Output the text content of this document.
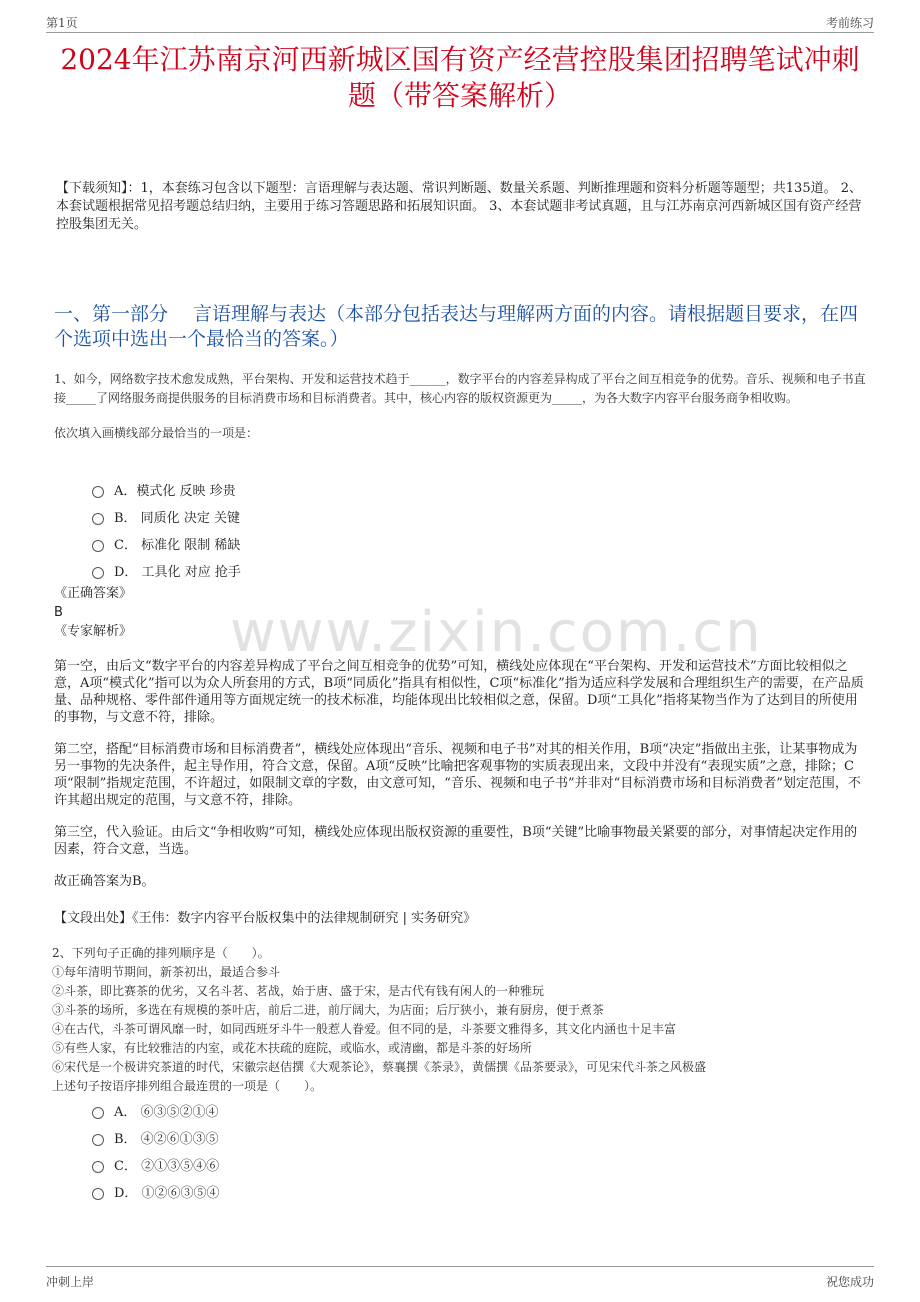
第1页	考前练习
www.zixin.com.cn
2024年江苏南京河西新城区国有资产经营控股集团招聘笔试冲刺题（带答案解析）
【下载须知】：1，本套练习包含以下题型：言语理解与表达题、常识判断题、数量关系题、判断推理题和资料分析题等题型；共135道。 2、本套试题根据常见招考题总结归纳，主要用于练习答题思路和拓展知识面。 3、本套试题非考试真题，且与江苏南京河西新城区国有资产经营控股集团无关。
一、第一部分　 言语理解与表达（本部分包括表达与理解两方面的内容。请根据题目要求，在四个选项中选出一个最恰当的答案。）
1、如今，网络数字技术愈发成熟，平台架构、开发和运营技术趋于______，数字平台的内容差异构成了平台之间互相竞争的优势。音乐、视频和电子书直接_____了网络服务商提供服务的目标消费市场和目标消费者。其中，核心内容的版权资源更为_____，为各大数字内容平台服务商争相收购。
依次填入画横线部分最恰当的一项是：
A．模式化 反映 珍贵
B． 同质化 决定 关键
C． 标准化 限制 稀缺
D． 工具化 对应 抢手
《正确答案》
B
《专家解析》

第一空，由后文“数字平台的内容差异构成了平台之间互相竞争的优势”可知，横线处应体现在“平台架构、开发和运营技术”方面比较相似之意，A项“模式化”指可以为众人所套用的方式，B项“同质化”指具有相似性，C项“标准化”指为适应科学发展和合理组织生产的需要，在产品质量、品种规格、零件部件通用等方面规定统一的技术标准，均能体现出比较相似之意，保留。D项“工具化”指将某物当作为了达到目的所使用的事物，与文意不符，排除。

第二空，搭配“目标消费市场和目标消费者”，横线处应体现出“音乐、视频和电子书”对其的相关作用，B项“决定”指做出主张，让某事物成为另一事物的先决条件，起主导作用，符合文意，保留。A项“反映”比喻把客观事物的实质表现出来，文段中并没有“表现实质”之意，排除；C项“限制”指规定范围，不许超过，如限制文章的字数，由文意可知，“音乐、视频和电子书”并非对“目标消费市场和目标消费者”划定范围，不许其超出规定的范围，与文意不符，排除。

第三空，代入验证。由后文“争相收购”可知，横线处应体现出版权资源的重要性，B项“关键”比喻事物最关紧要的部分，对事情起决定作用的因素，符合文意，当选。

故正确答案为B。

【文段出处】《王伟：数字内容平台版权集中的法律规制研究 | 实务研究》
2、下列句子正确的排列顺序是（　　）。
①每年清明节期间，新茶初出，最适合参斗
②斗茶，即比赛茶的优劣，又名斗茗、茗战，始于唐、盛于宋，是古代有钱有闲人的一种雅玩
③斗茶的场所，多选在有规模的茶叶店，前后二进，前厅阔大，为店面；后厅狭小，兼有厨房，便于煮茶
④在古代，斗茶可谓风靡一时，如同西班牙斗牛一般惹人眷爱。但不同的是，斗茶要文雅得多，其文化内涵也十足丰富
⑤有些人家，有比较雅洁的内室，或花木扶疏的庭院，或临水，或清幽，都是斗茶的好场所
⑥宋代是一个极讲究茶道的时代，宋徽宗赵佶撰《大观茶论》，蔡襄撰《茶录》，黄儒撰《品茶要录》，可见宋代斗茶之风极盛
上述句子按语序排列组合最连贯的一项是（　　）。
A． ⑥③⑤②①④
B． ④②⑥①③⑤
C． ②①③⑤④⑥
D． ①②⑥③⑤④
冲刺上岸	祝您成功
